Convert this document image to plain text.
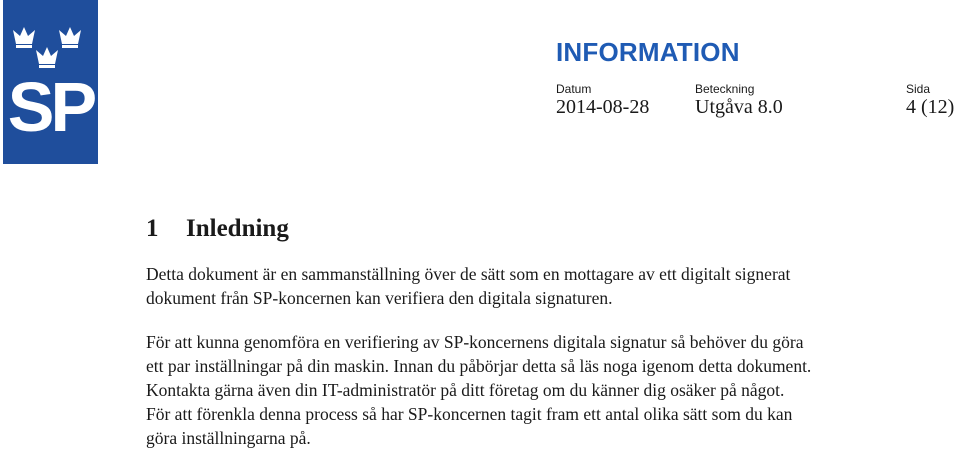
SP
INFORMATION
Datum
2014-08-28
Beteckning
Utgåva 8.0
Sida
4 (12)
1 Inledning

Detta dokument är en sammanställning över de sätt som en mottagare av ett digitalt signerat
dokument från SP-koncernen kan verifiera den digitala signaturen.

För att kunna genomföra en verifiering av SP-koncernens digitala signatur så behöver du göra
ett par inställningar på din maskin. Innan du påbörjar detta så läs noga igenom detta dokument.
Kontakta gärna även din IT-administratör på ditt företag om du känner dig osäker på något.
För att förenkla denna process så har SP-koncernen tagit fram ett antal olika sätt som du kan
göra inställningarna på.
